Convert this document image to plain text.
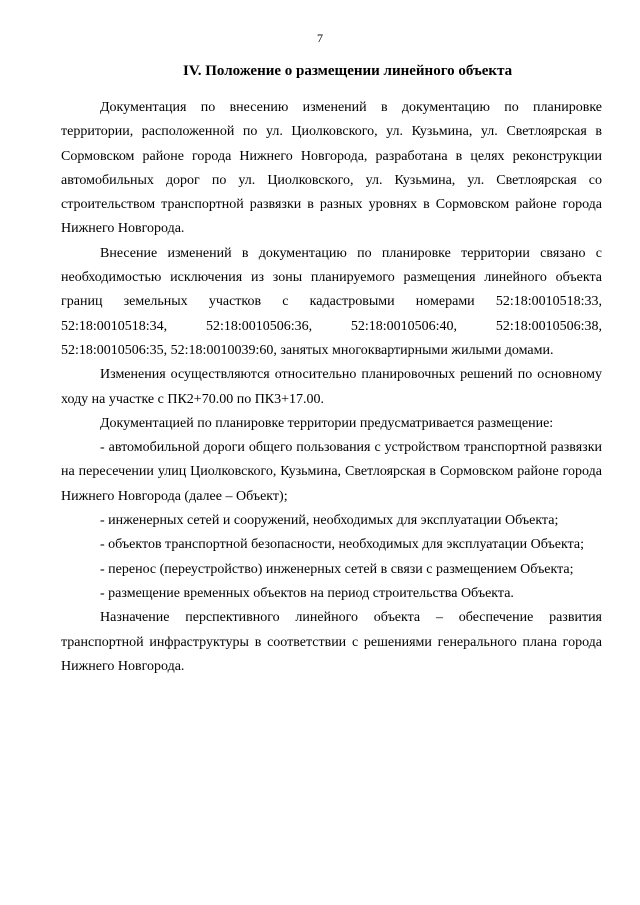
7
IV. Положение о размещении линейного объекта

Документация по внесению изменений в документацию по планировке территории, расположенной по ул. Циолковского, ул. Кузьмина, ул. Светлоярская в Сормовском районе города Нижнего Новгорода, разработана в целях реконструкции автомобильных дорог по ул. Циолковского, ул. Кузьмина, ул. Светлоярская со строительством транспортной развязки в разных уровнях в Сормовском районе города Нижнего Новгорода.

Внесение изменений в документацию по планировке территории связано с необходимостью исключения из зоны планируемого размещения линейного объекта границ земельных участков с кадастровыми номерами 52:18:0010518:33, 52:18:0010518:34, 52:18:0010506:36, 52:18:0010506:40, 52:18:0010506:38, 52:18:0010506:35, 52:18:0010039:60, занятых многоквартирными жилыми домами.

Изменения осуществляются относительно планировочных решений по основному ходу на участке с ПК2+70.00 по ПК3+17.00.

Документацией по планировке территории предусматривается размещение:

- автомобильной дороги общего пользования с устройством транспортной развязки на пересечении улиц Циолковского, Кузьмина, Светлоярская в Сормовском районе города Нижнего Новгорода (далее – Объект);

- инженерных сетей и сооружений, необходимых для эксплуатации Объекта;

- объектов транспортной безопасности, необходимых для эксплуатации Объекта;

- перенос (переустройство) инженерных сетей в связи с размещением Объекта;

- размещение временных объектов на период строительства Объекта.

Назначение перспективного линейного объекта – обеспечение развития транспортной инфраструктуры в соответствии с решениями генерального плана города Нижнего Новгорода.
